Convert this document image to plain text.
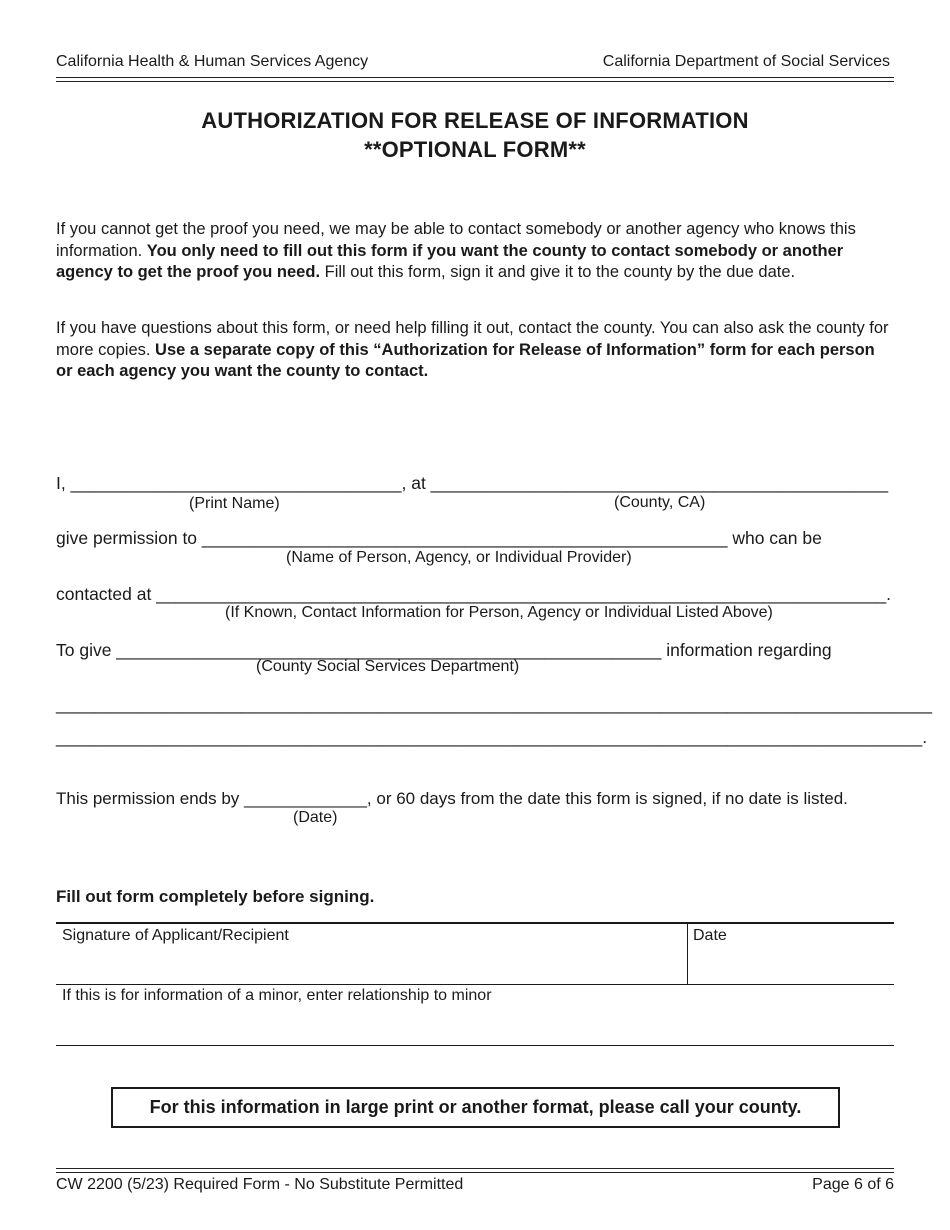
California Health & Human Services Agency	California Department of Social Services
AUTHORIZATION FOR RELEASE OF INFORMATION
**OPTIONAL FORM**
If you cannot get the proof you need, we may be able to contact somebody or another agency who knows this information. You only need to fill out this form if you want the county to contact somebody or another agency to get the proof you need. Fill out this form, sign it and give it to the county by the due date.
If you have questions about this form, or need help filling it out, contact the county. You can also ask the county for more copies. Use a separate copy of this “Authorization for Release of Information” form for each person or each agency you want the county to contact.
I, __________________________________, at _______________________________________________
(Print Name)	(County, CA)
give permission to ______________________________________________________ who can be
(Name of Person, Agency, or Individual Provider)
contacted at ___________________________________________________________________________.
(If Known, Contact Information for Person, Agency or Individual Listed Above)
To give ________________________________________________________ information regarding
(County Social Services Department)
__________________________________________________________________________________________
_________________________________________________________________________________________.
This permission ends by _____________, or 60 days from the date this form is signed, if no date is listed.
(Date)
Fill out form completely before signing.
Signature of Applicant/Recipient	Date
If this is for information of a minor, enter relationship to minor
For this information in large print or another format, please call your county.
CW 2200 (5/23) Required Form - No Substitute Permitted	Page 6 of 6
